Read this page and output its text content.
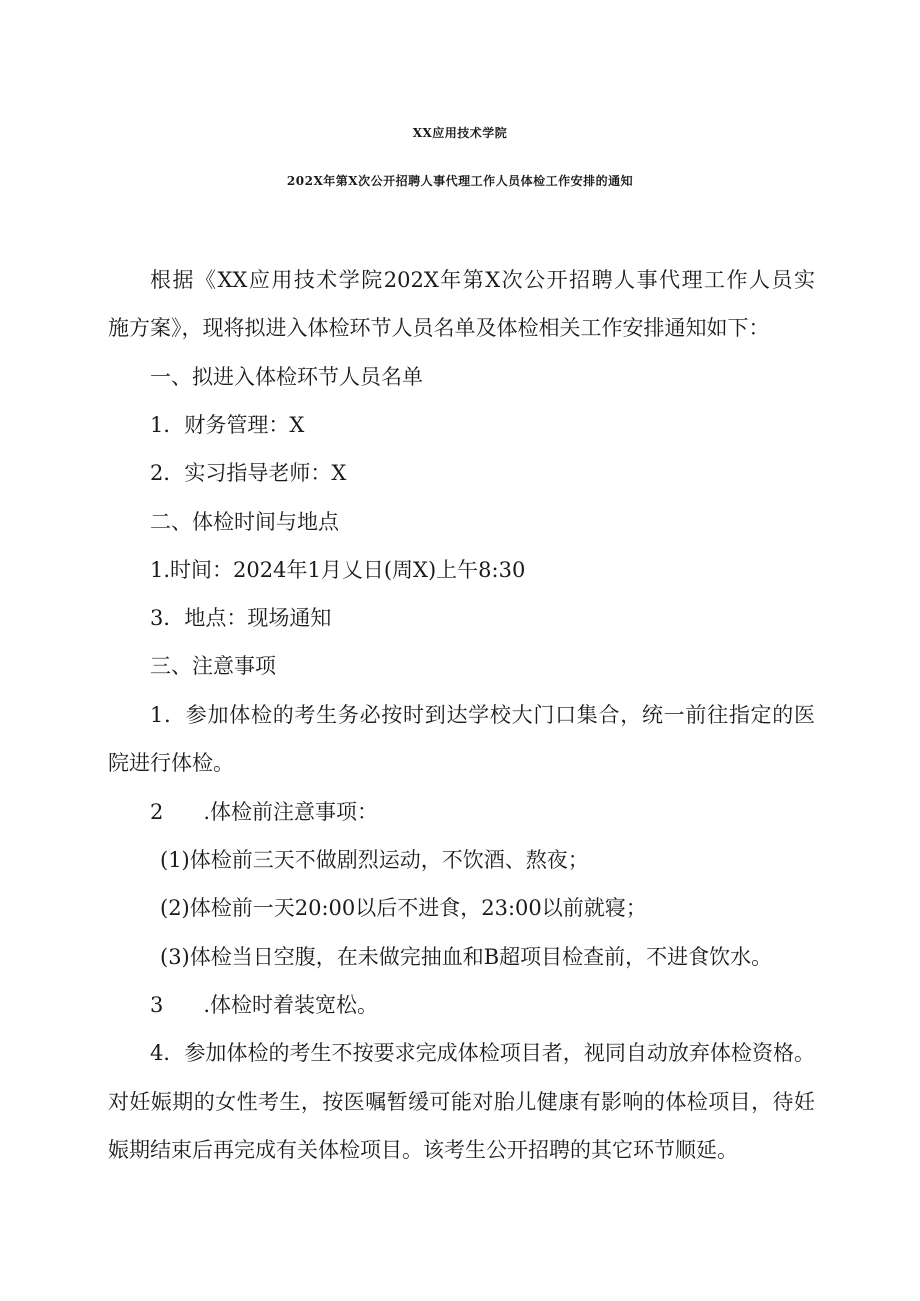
XX应用技术学院
202X年第X次公开招聘人事代理工作人员体检工作安排的通知
根据《XX应用技术学院202X年第X次公开招聘人事代理工作人员实
施方案》，现将拟进入体检环节人员名单及体检相关工作安排通知如下：
一、拟进入体检环节人员名单
1．财务管理：X
2．实习指导老师：X
二、体检时间与地点
1.时间：2024年1月乂日(周X)上午8:30
3．地点：现场通知
三、注意事项
1．参加体检的考生务必按时到达学校大门口集合，统一前往指定的医
院进行体检。
2 .体检前注意事项：
(1)体检前三天不做剧烈运动，不饮酒、熬夜；
(2)体检前一天20:00以后不进食，23:00以前就寝；
(3)体检当日空腹，在未做完抽血和B超项目检查前，不进食饮水。
3 .体检时着装宽松。
4．参加体检的考生不按要求完成体检项目者，视同自动放弃体检资格。
对妊娠期的女性考生，按医嘱暂缓可能对胎儿健康有影响的体检项目，待妊
娠期结束后再完成有关体检项目。该考生公开招聘的其它环节顺延。
